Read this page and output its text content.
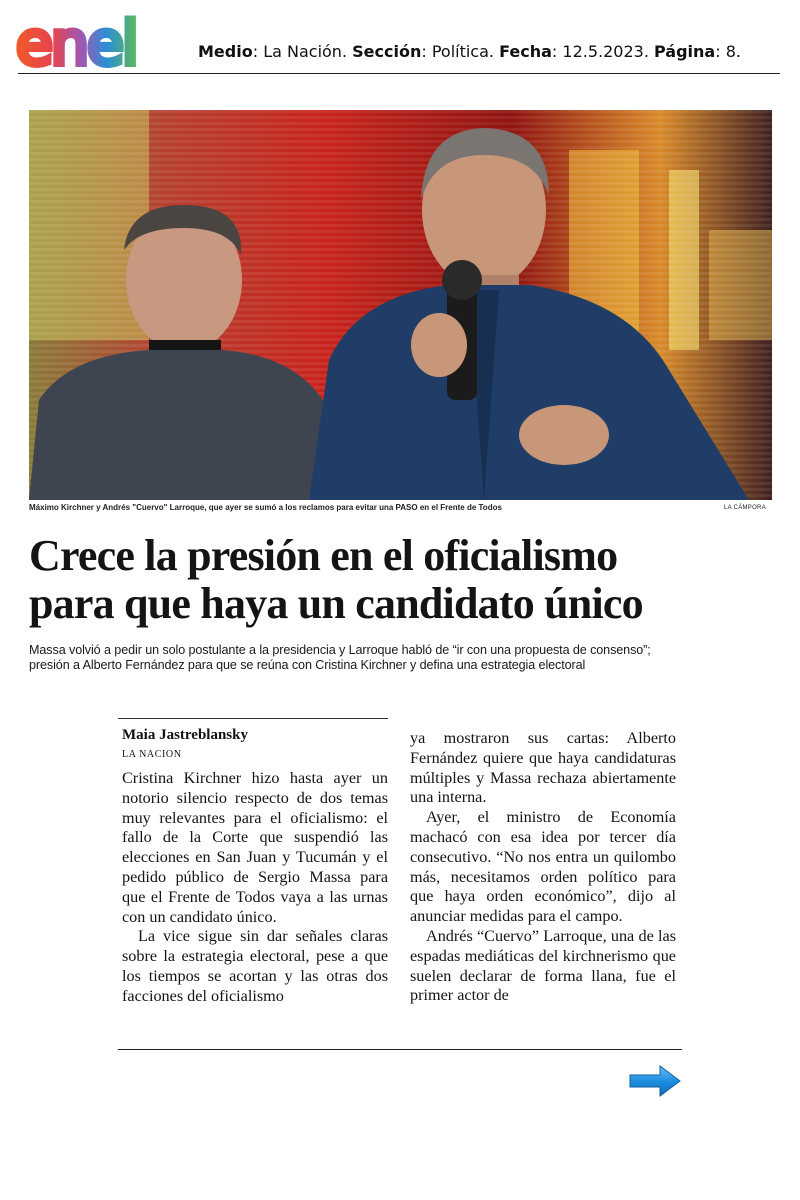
enel	Medio: La Nación. Sección: Política. Fecha: 12.5.2023. Página: 8.
Máximo Kirchner y Andrés "Cuervo" Larroque, que ayer se sumó a los reclamos para evitar una PASO en el Frente de Todos	LA CÁMPORA
Crece la presión en el oficialismo
para que haya un candidato único
Massa volvió a pedir un solo postulante a la presidencia y Larroque habló de “ir con una propuesta de consenso”;
presión a Alberto Fernández para que se reúna con Cristina Kirchner y defina una estrategia electoral
Maia Jastreblansky
LA NACION

Cristina Kirchner hizo hasta ayer un notorio silencio respecto de dos temas muy relevantes para el oficialismo: el fallo de la Corte que suspendió las elecciones en San Juan y Tucumán y el pedido público de Sergio Massa para que el Frente de Todos vaya a las urnas con un candidato único.

La vice sigue sin dar señales claras sobre la estrategia electoral, pese a que los tiempos se acortan y las otras dos facciones del oficialismo

ya mostraron sus cartas: Alberto Fernández quiere que haya candidaturas múltiples y Massa rechaza abiertamente una interna.

Ayer, el ministro de Economía machacó con esa idea por tercer día consecutivo. “No nos entra un quilombo más, necesitamos orden político para que haya orden económico”, dijo al anunciar medidas para el campo.

Andrés “Cuervo” Larroque, una de las espadas mediáticas del kirchnerismo que suelen declarar de forma llana, fue el primer actor de
